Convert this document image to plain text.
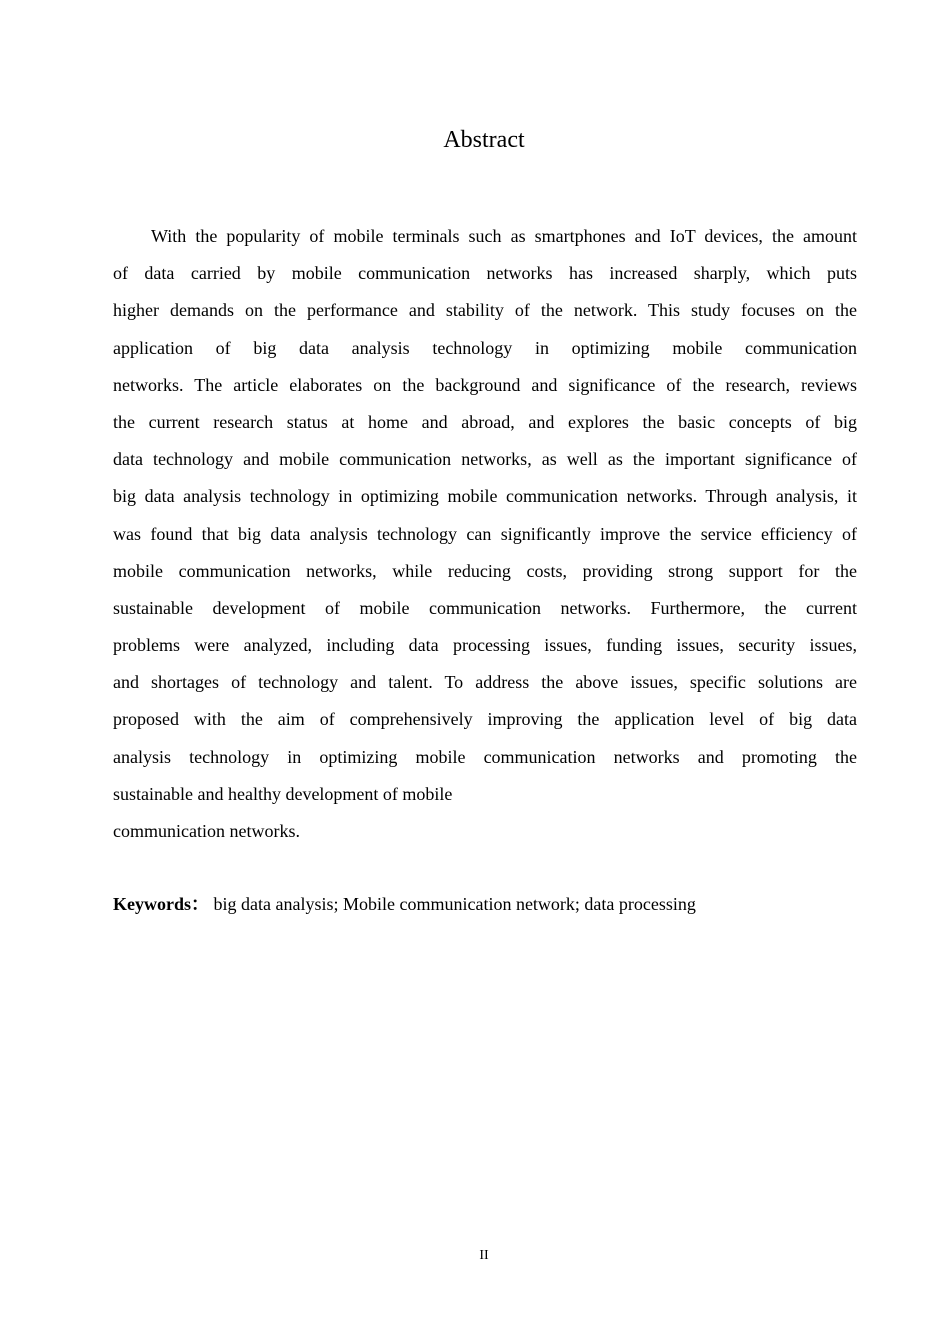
Abstract
With the popularity of mobile terminals such as smartphones and IoT devices, the amount
of data carried by mobile communication networks has increased sharply, which puts
higher demands on the performance and stability of the network. This study focuses on the
application of big data analysis technology in optimizing mobile communication
networks. The article elaborates on the background and significance of the research, reviews
the current research status at home and abroad, and explores the basic concepts of big
data technology and mobile communication networks, as well as the important significance of
big data analysis technology in optimizing mobile communication networks. Through analysis, it
was found that big data analysis technology can significantly improve the service efficiency of
mobile communication networks, while reducing costs, providing strong support for the
sustainable development of mobile communication networks. Furthermore, the current
problems were analyzed, including data processing issues, funding issues, security issues,
and shortages of technology and talent. To address the above issues, specific solutions are
proposed with the aim of comprehensively improving the application level of big data
analysis technology in optimizing mobile communication networks and promoting the
sustainable and healthy development of mobile
communication networks.

Keywords： big data analysis; Mobile communication network; data processing

II
